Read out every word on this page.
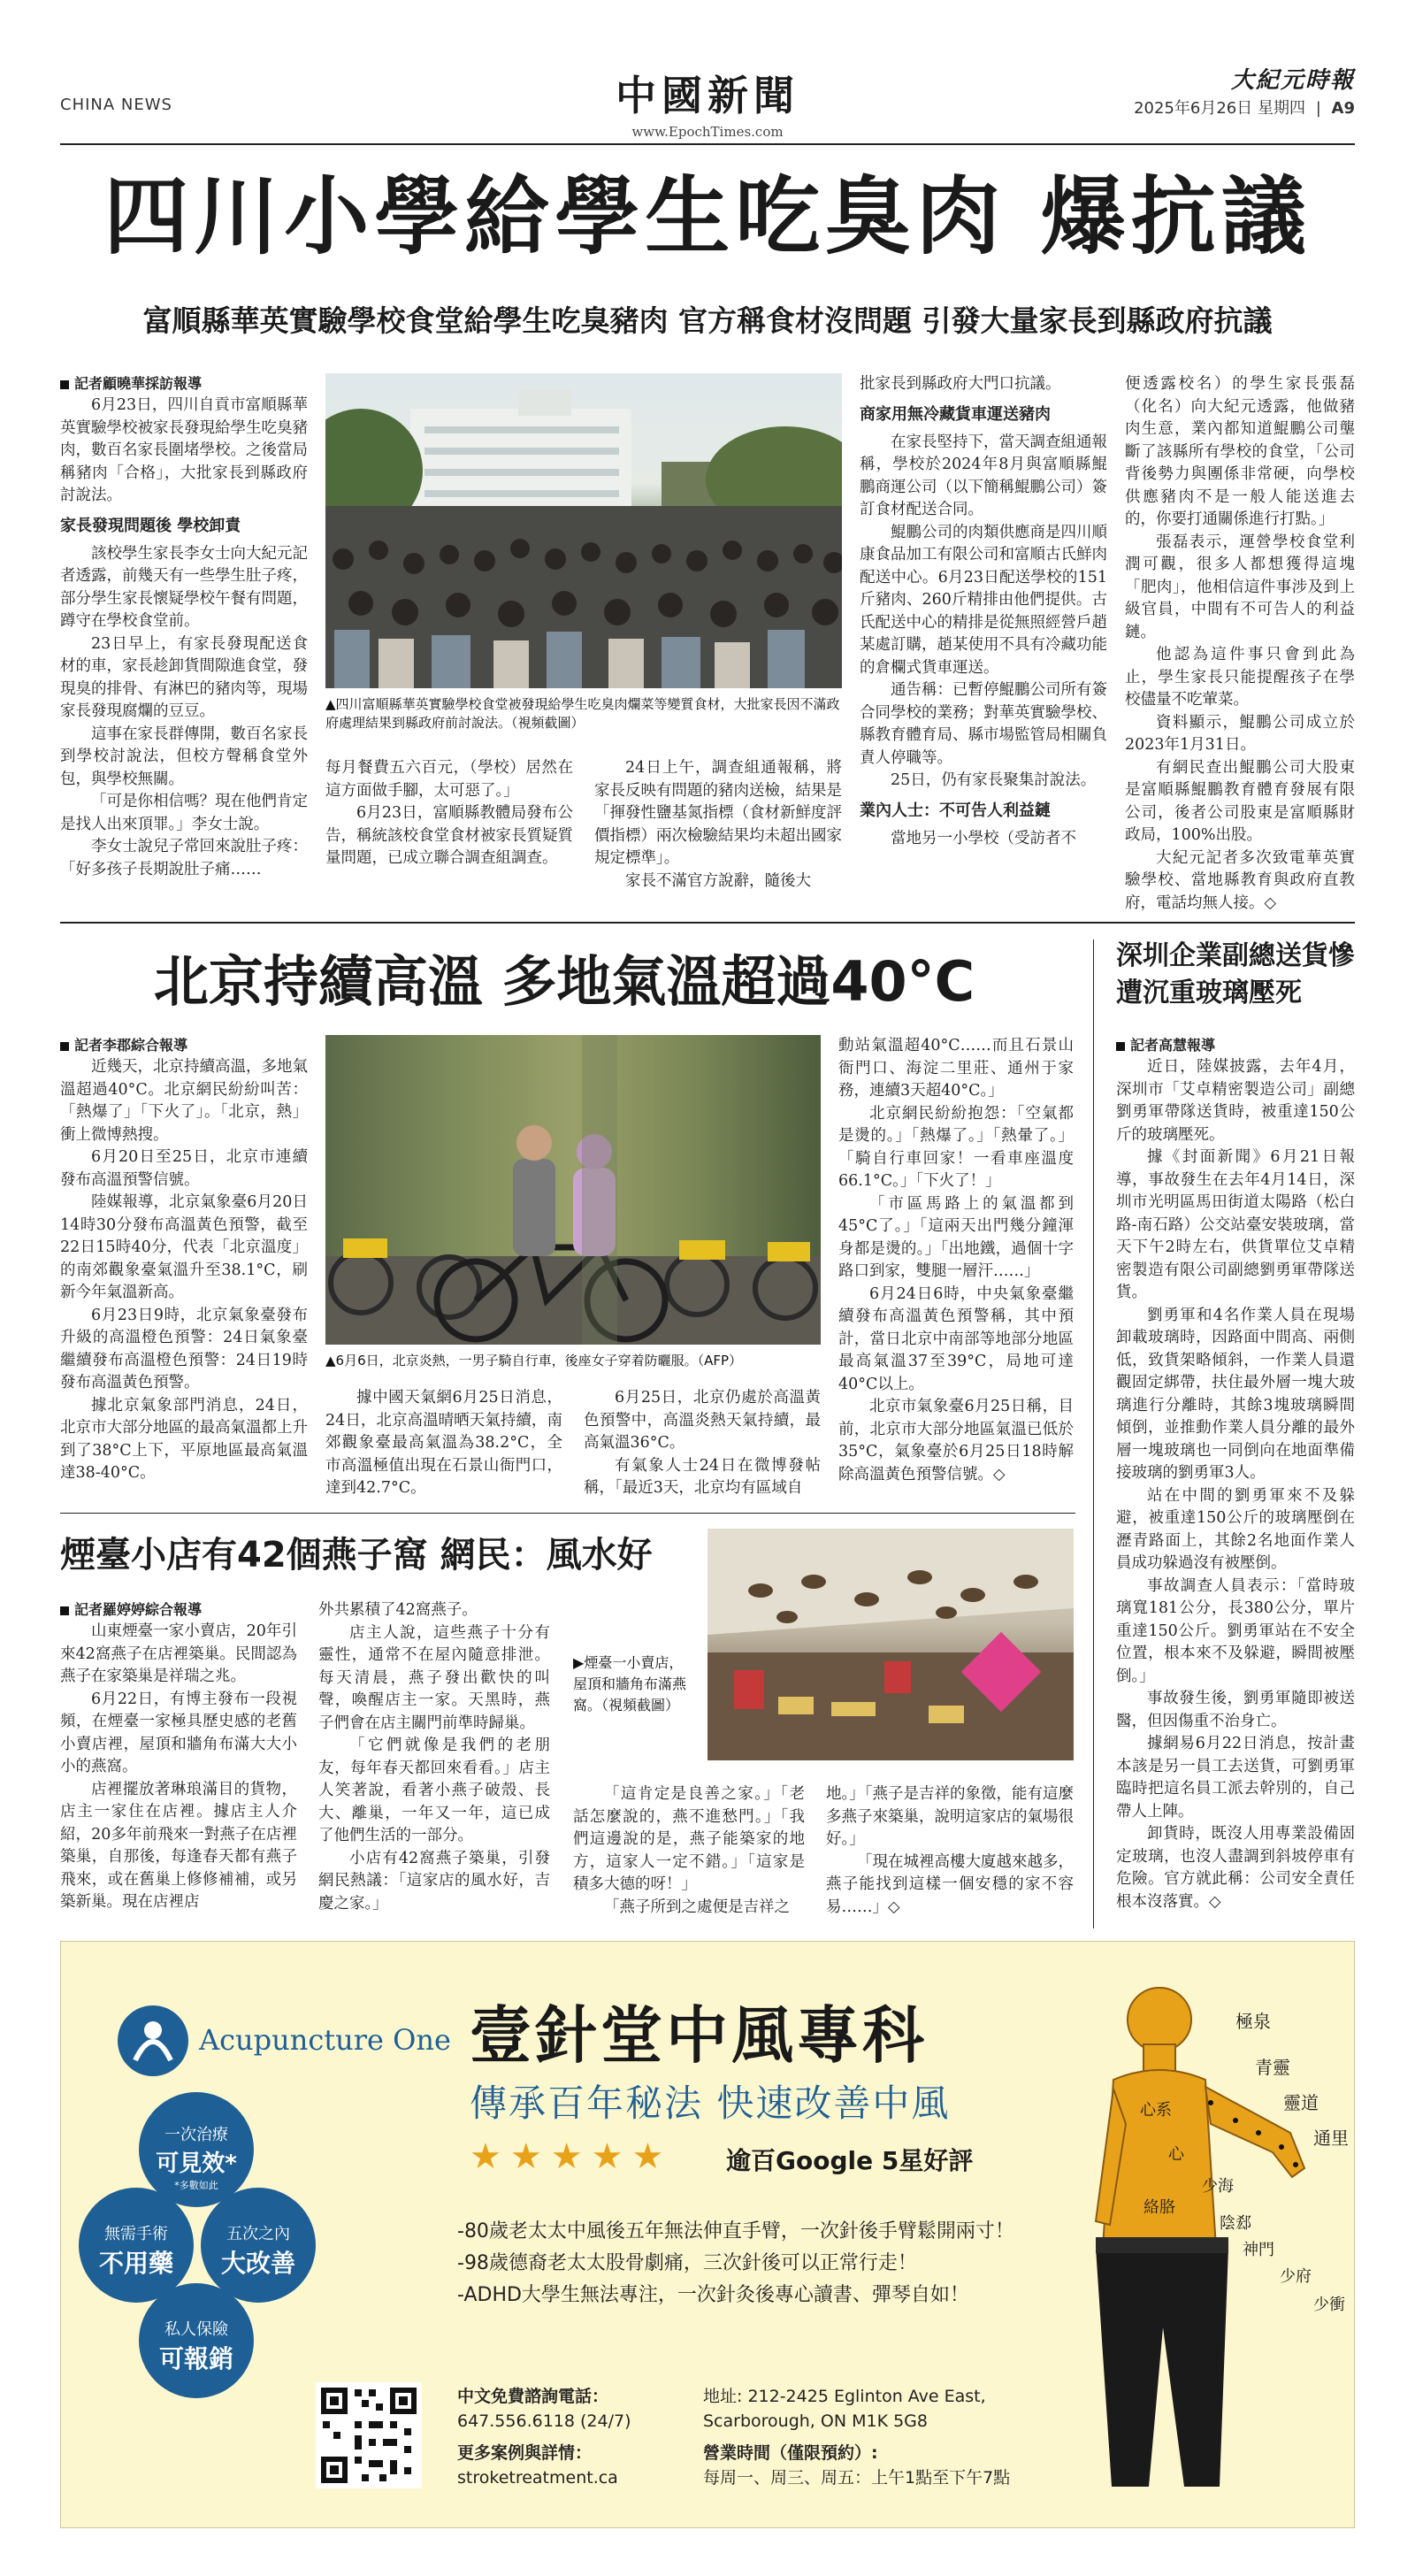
CHINA NEWS	中國新聞
www.EpochTimes.com
大紀元時報
2025年6月26日 星期四 | A9
四川小學給學生吃臭肉 爆抗議
富順縣華英實驗學校食堂給學生吃臭豬肉 官方稱食材沒問題 引發大量家長到縣政府抗議
記者顧曉華採訪報導

6月23日，四川自貢市富順縣華英實驗學校被家長發現給學生吃臭豬肉，數百名家長圍堵學校。之後當局稱豬肉「合格」，大批家長到縣政府討說法。

家長發現問題後 學校卸責

該校學生家長李女士向大紀元記者透露，前幾天有一些學生肚子疼，部分學生家長懷疑學校午餐有問題，蹲守在學校食堂前。

23日早上，有家長發現配送食材的車，家長趁卸貨間隙進食堂，發現臭的排骨、有淋巴的豬肉等，現場家長發現腐爛的豆豆。

這事在家長群傳開，數百名家長到學校討說法，但校方聲稱食堂外包，與學校無關。

「可是你相信嗎？現在他們肯定是找人出來頂罪。」李女士說。

李女士說兒子常回來說肚子疼：「好多孩子長期說肚子痛……

▲四川富順縣華英實驗學校食堂被發現給學生吃臭肉爛菜等變質食材，大批家長因不滿政府處理結果到縣政府前討說法。（視頻截圖）

每月餐費五六百元，（學校）居然在這方面做手腳，太可惡了。」

6月23日，富順縣教體局發布公告，稱統該校食堂食材被家長質疑質量問題，已成立聯合調查組調查。

24日上午，調查組通報稱，將家長反映有問題的豬肉送檢，結果是「揮發性鹽基氮指標（食材新鮮度評價指標）兩次檢驗結果均未超出國家規定標準」。

家長不滿官方說辭，隨後大

批家長到縣政府大門口抗議。

商家用無冷藏貨車運送豬肉

在家長堅持下，當天調查組通報稱，學校於2024年8月與富順縣鯤鵬商運公司（以下簡稱鯤鵬公司）簽訂食材配送合同。

鯤鵬公司的肉類供應商是四川順康食品加工有限公司和富順古氏鮮肉配送中心。6月23日配送學校的151斤豬肉、260斤精排由他們提供。古氏配送中心的精排是從無照經營戶趙某處訂購，趙某使用不具有冷藏功能的倉欄式貨車運送。

通告稱：已暫停鯤鵬公司所有簽合同學校的業務；對華英實驗學校、縣教育體育局、縣市場監管局相關負責人停職等。

25日，仍有家長聚集討說法。

業內人士：不可告人利益鏈

當地另一小學校（受訪者不

便透露校名）的學生家長張磊（化名）向大紀元透露，他做豬肉生意，業內都知道鯤鵬公司壟斷了該縣所有學校的食堂，「公司背後勢力與團係非常硬，向學校供應豬肉不是一般人能送進去的，你要打通關係進行打點。」

張磊表示，運營學校食堂利潤可觀，很多人都想獲得這塊「肥肉」，他相信這件事涉及到上級官員，中間有不可告人的利益鏈。

他認為這件事只會到此為止，學生家長只能提醒孩子在學校儘量不吃葷菜。

資料顯示，鯤鵬公司成立於2023年1月31日。

有網民查出鯤鵬公司大股東是富順縣鯤鵬教育體育發展有限公司，後者公司股東是富順縣財政局，100%出股。

大紀元記者多次致電華英實驗學校、當地縣教育與政府直教府，電話均無人接。◇

北京持續高溫 多地氣溫超過40°C
記者李郡綜合報導

近幾天，北京持續高溫，多地氣溫超過40°C。北京網民紛紛叫苦：「熱爆了」「下火了」。「北京，熱」衝上微博熱搜。

6月20日至25日，北京市連續發布高溫預警信號。

陸媒報導，北京氣象臺6月20日14時30分發布高溫黃色預警，截至22日15時40分，代表「北京溫度」的南郊觀象臺氣溫升至38.1°C，刷新今年氣溫新高。

6月23日9時，北京氣象臺發布升級的高溫橙色預警：24日氣象臺繼續發布高溫橙色預警：24日19時發布高溫黃色預警。

據北京氣象部門消息，24日，北京市大部分地區的最高氣溫都上升到了38°C上下，平原地區最高氣溫達38-40°C。

▲6月6日，北京炎熱，一男子騎自行車，後座女子穿着防曬服。（AFP）

據中國天氣網6月25日消息，24日，北京高溫晴晒天氣持續，南郊觀象臺最高氣溫為38.2°C，全市高溫極值出現在石景山衙門口，達到42.7°C。

6月25日，北京仍處於高溫黃色預警中，高溫炎熱天氣持續，最高氣溫36°C。

有氣象人士24日在微博發帖稱，「最近3天，北京均有區域自

動站氣溫超40°C……而且石景山衙門口、海淀二里莊、通州于家務，連續3天超40°C。」

北京網民紛紛抱怨：「空氣都是燙的。」「熱爆了。」「熱暈了。」「騎自行車回家！一看車座溫度66.1°C。」「下火了！」

「市區馬路上的氣溫都到45°C了。」「這兩天出門幾分鐘渾身都是燙的。」「出地鐵，過個十字路口到家，雙腿一層汗……」

6月24日6時，中央氣象臺繼續發布高溫黃色預警稱，其中預計，當日北京中南部等地部分地區最高氣溫37至39°C，局地可達40°C以上。

北京市氣象臺6月25日稱，目前，北京市大部分地區氣溫已低於35°C，氣象臺於6月25日18時解除高溫黃色預警信號。◇

深圳企業副總送貨慘遭沉重玻璃壓死
記者高慧報導

近日，陸媒披露，去年4月，深圳市「艾卓精密製造公司」副總劉勇軍帶隊送貨時，被重達150公斤的玻璃壓死。

據《封面新聞》6月21日報導，事故發生在去年4月14日，深圳市光明區馬田街道太陽路（松白路-南石路）公交站臺安裝玻璃，當天下午2時左右，供貨單位艾卓精密製造有限公司副總劉勇軍帶隊送貨。

劉勇軍和4名作業人員在現場卸載玻璃時，因路面中間高、兩側低，致貨架略傾斜，一作業人員還觀固定綁帶，扶住最外層一塊大玻璃進行分離時，其餘3塊玻璃瞬間傾倒，並推動作業人員分離的最外層一塊玻璃也一同倒向在地面準備接玻璃的劉勇軍3人。

站在中間的劉勇軍來不及躲避，被重達150公斤的玻璃壓倒在瀝青路面上，其餘2名地面作業人員成功躲過沒有被壓倒。

事故調查人員表示：「當時玻璃寬181公分，長380公分，單片重達150公斤。劉勇軍站在不安全位置，根本來不及躲避，瞬間被壓倒。」

事故發生後，劉勇軍隨即被送醫，但因傷重不治身亡。

據網易6月22日消息，按計畫本該是另一員工去送貨，可劉勇軍臨時把這名員工派去幹別的，自己帶人上陣。

卸貨時，既沒人用專業設備固定玻璃，也沒人盡調到斜坡停車有危險。官方就此稱：公司安全責任根本沒落實。◇

煙臺小店有42個燕子窩 網民：風水好
記者羅婷婷綜合報導

山東煙臺一家小賣店，20年引來42窩燕子在店裡築巢。民間認為燕子在家築巢是祥瑞之兆。

6月22日，有博主發布一段視頻，在煙臺一家極具歷史感的老舊小賣店裡，屋頂和牆角布滿大大小小的燕窩。

店裡擺放著琳琅滿目的貨物，店主一家住在店裡。據店主人介紹，20多年前飛來一對燕子在店裡築巢，自那後，每逢春天都有燕子飛來，或在舊巢上修修補補，或另築新巢。現在店裡店

外共累積了42窩燕子。

店主人說，這些燕子十分有靈性，通常不在屋內隨意排泄。每天清晨，燕子發出歡快的叫聲，喚醒店主一家。天黑時，燕子們會在店主關門前準時歸巢。

「它們就像是我們的老朋友，每年春天都回來看看。」店主人笑著說，看著小燕子破殼、長大、離巢，一年又一年，這已成了他們生活的一部分。

小店有42窩燕子築巢，引發網民熱議：「這家店的風水好，吉慶之家。」

▶煙臺一小賣店，屋頂和牆角布滿燕窩。（視頻截圖）

「這肯定是良善之家。」「老話怎麼說的，燕不進愁門。」「我們這邊說的是，燕子能築家的地方，這家人一定不錯。」「這家是積多大德的呀！」

「燕子所到之處便是吉祥之

地。」「燕子是吉祥的象徵，能有這麼多燕子來築巢，說明這家店的氣場很好。」

「現在城裡高樓大廈越來越多，燕子能找到這樣一個安穩的家不容易……」◇

Acupuncture One 壹針堂中風專科
傳承百年秘法 快速改善中風
★★★★★ 逾百Google 5星好評
一次治療
可見效*
*多數如此
無需手術
不用藥
五次之內
大改善
私人保險
可報銷
-80歲老太太中風後五年無法伸直手臂，一次針後手臂鬆開兩寸！
-98歲德裔老太太股骨劇痛，三次針後可以正常行走！
-ADHD大學生無法專注，一次針灸後專心讀書、彈琴自如！
中文免費諮詢電話：
647.556.6118 (24/7)
更多案例與詳情：
stroketreatment.ca
地址: 212-2425 Eglinton Ave East,
Scarborough, ON M1K 5G8
營業時間（僅限預約）:
每周一、周三、周五：上午1點至下午7點
極泉
青靈
靈道
通里
少海
陰郄
神門
少府
少衝
心系
心
絡胳
